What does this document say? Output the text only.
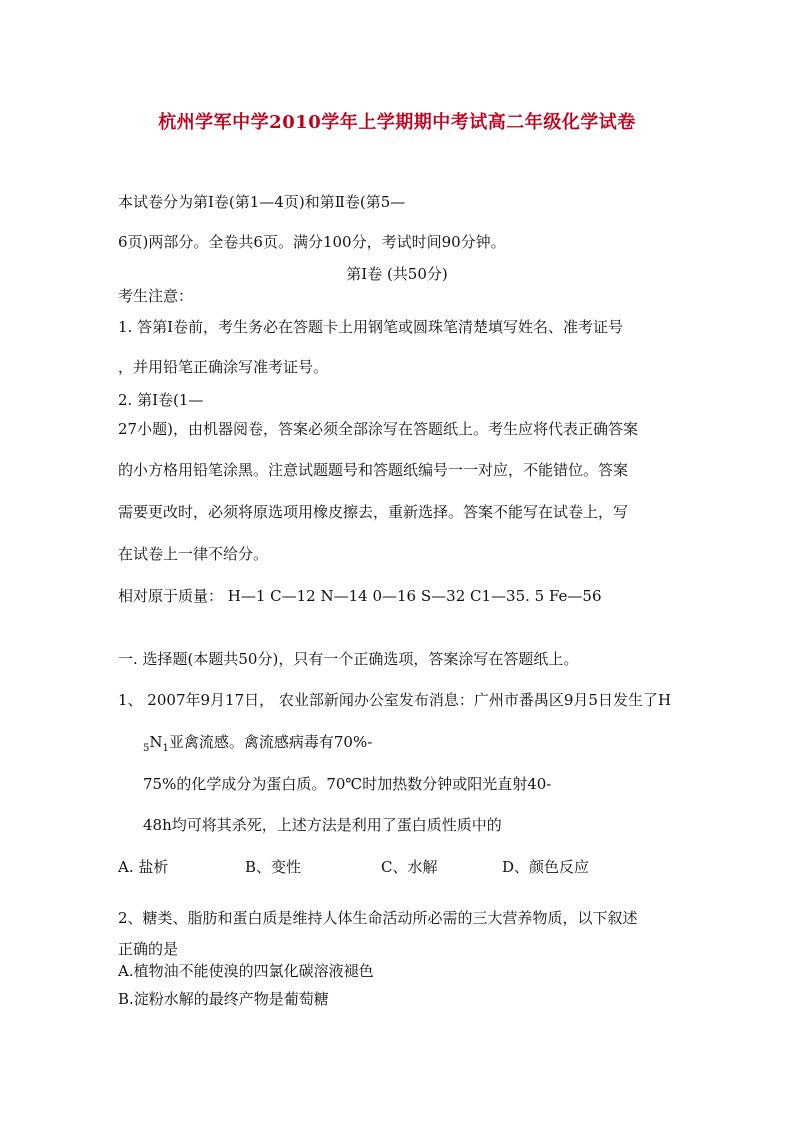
杭州学军中学2010学年上学期期中考试高二年级化学试卷
本试卷分为第Ⅰ卷(第1—4页)和第Ⅱ卷(第5—
6页)两部分。全卷共6页。满分100分，考试时间90分钟。
第Ⅰ卷 (共50分)
考生注意：
1. 答第Ⅰ卷前，考生务必在答题卡上用钢笔或圆珠笔清楚填写姓名、准考证号
，并用铅笔正确涂写准考证号。
2. 第Ⅰ卷(1—
27小题)，由机器阅卷，答案必须全部涂写在答题纸上。考生应将代表正确答案
的小方格用铅笔涂黑。注意试题题号和答题纸编号一一对应，不能错位。答案
需要更改时，必须将原选项用橡皮擦去，重新选择。答案不能写在试卷上，写
在试卷上一律不给分。
相对原于质量： H—1 C—12 N—14 0—16 S—32 C1—35. 5 Fe—56
一. 选择题(本题共50分)，只有一个正确选项，答案涂写在答题纸上。
1、 2007年9月17日， 农业部新闻办公室发布消息：广州市番禺区9月5日发生了H
$_5N_1$亚禽流感。禽流感病毒有70%-
75%的化学成分为蛋白质。70℃时加热数分钟或阳光直射40-
48h均可将其杀死，上述方法是利用了蛋白质性质中的
A. 盐析	B、变性	C、水解	D、颜色反应
2、糖类、脂肪和蛋白质是维持人体生命活动所必需的三大营养物质，以下叙述
正确的是
A.植物油不能使溴的四氯化碳溶液褪色
B.淀粉水解的最终产物是葡萄糖
